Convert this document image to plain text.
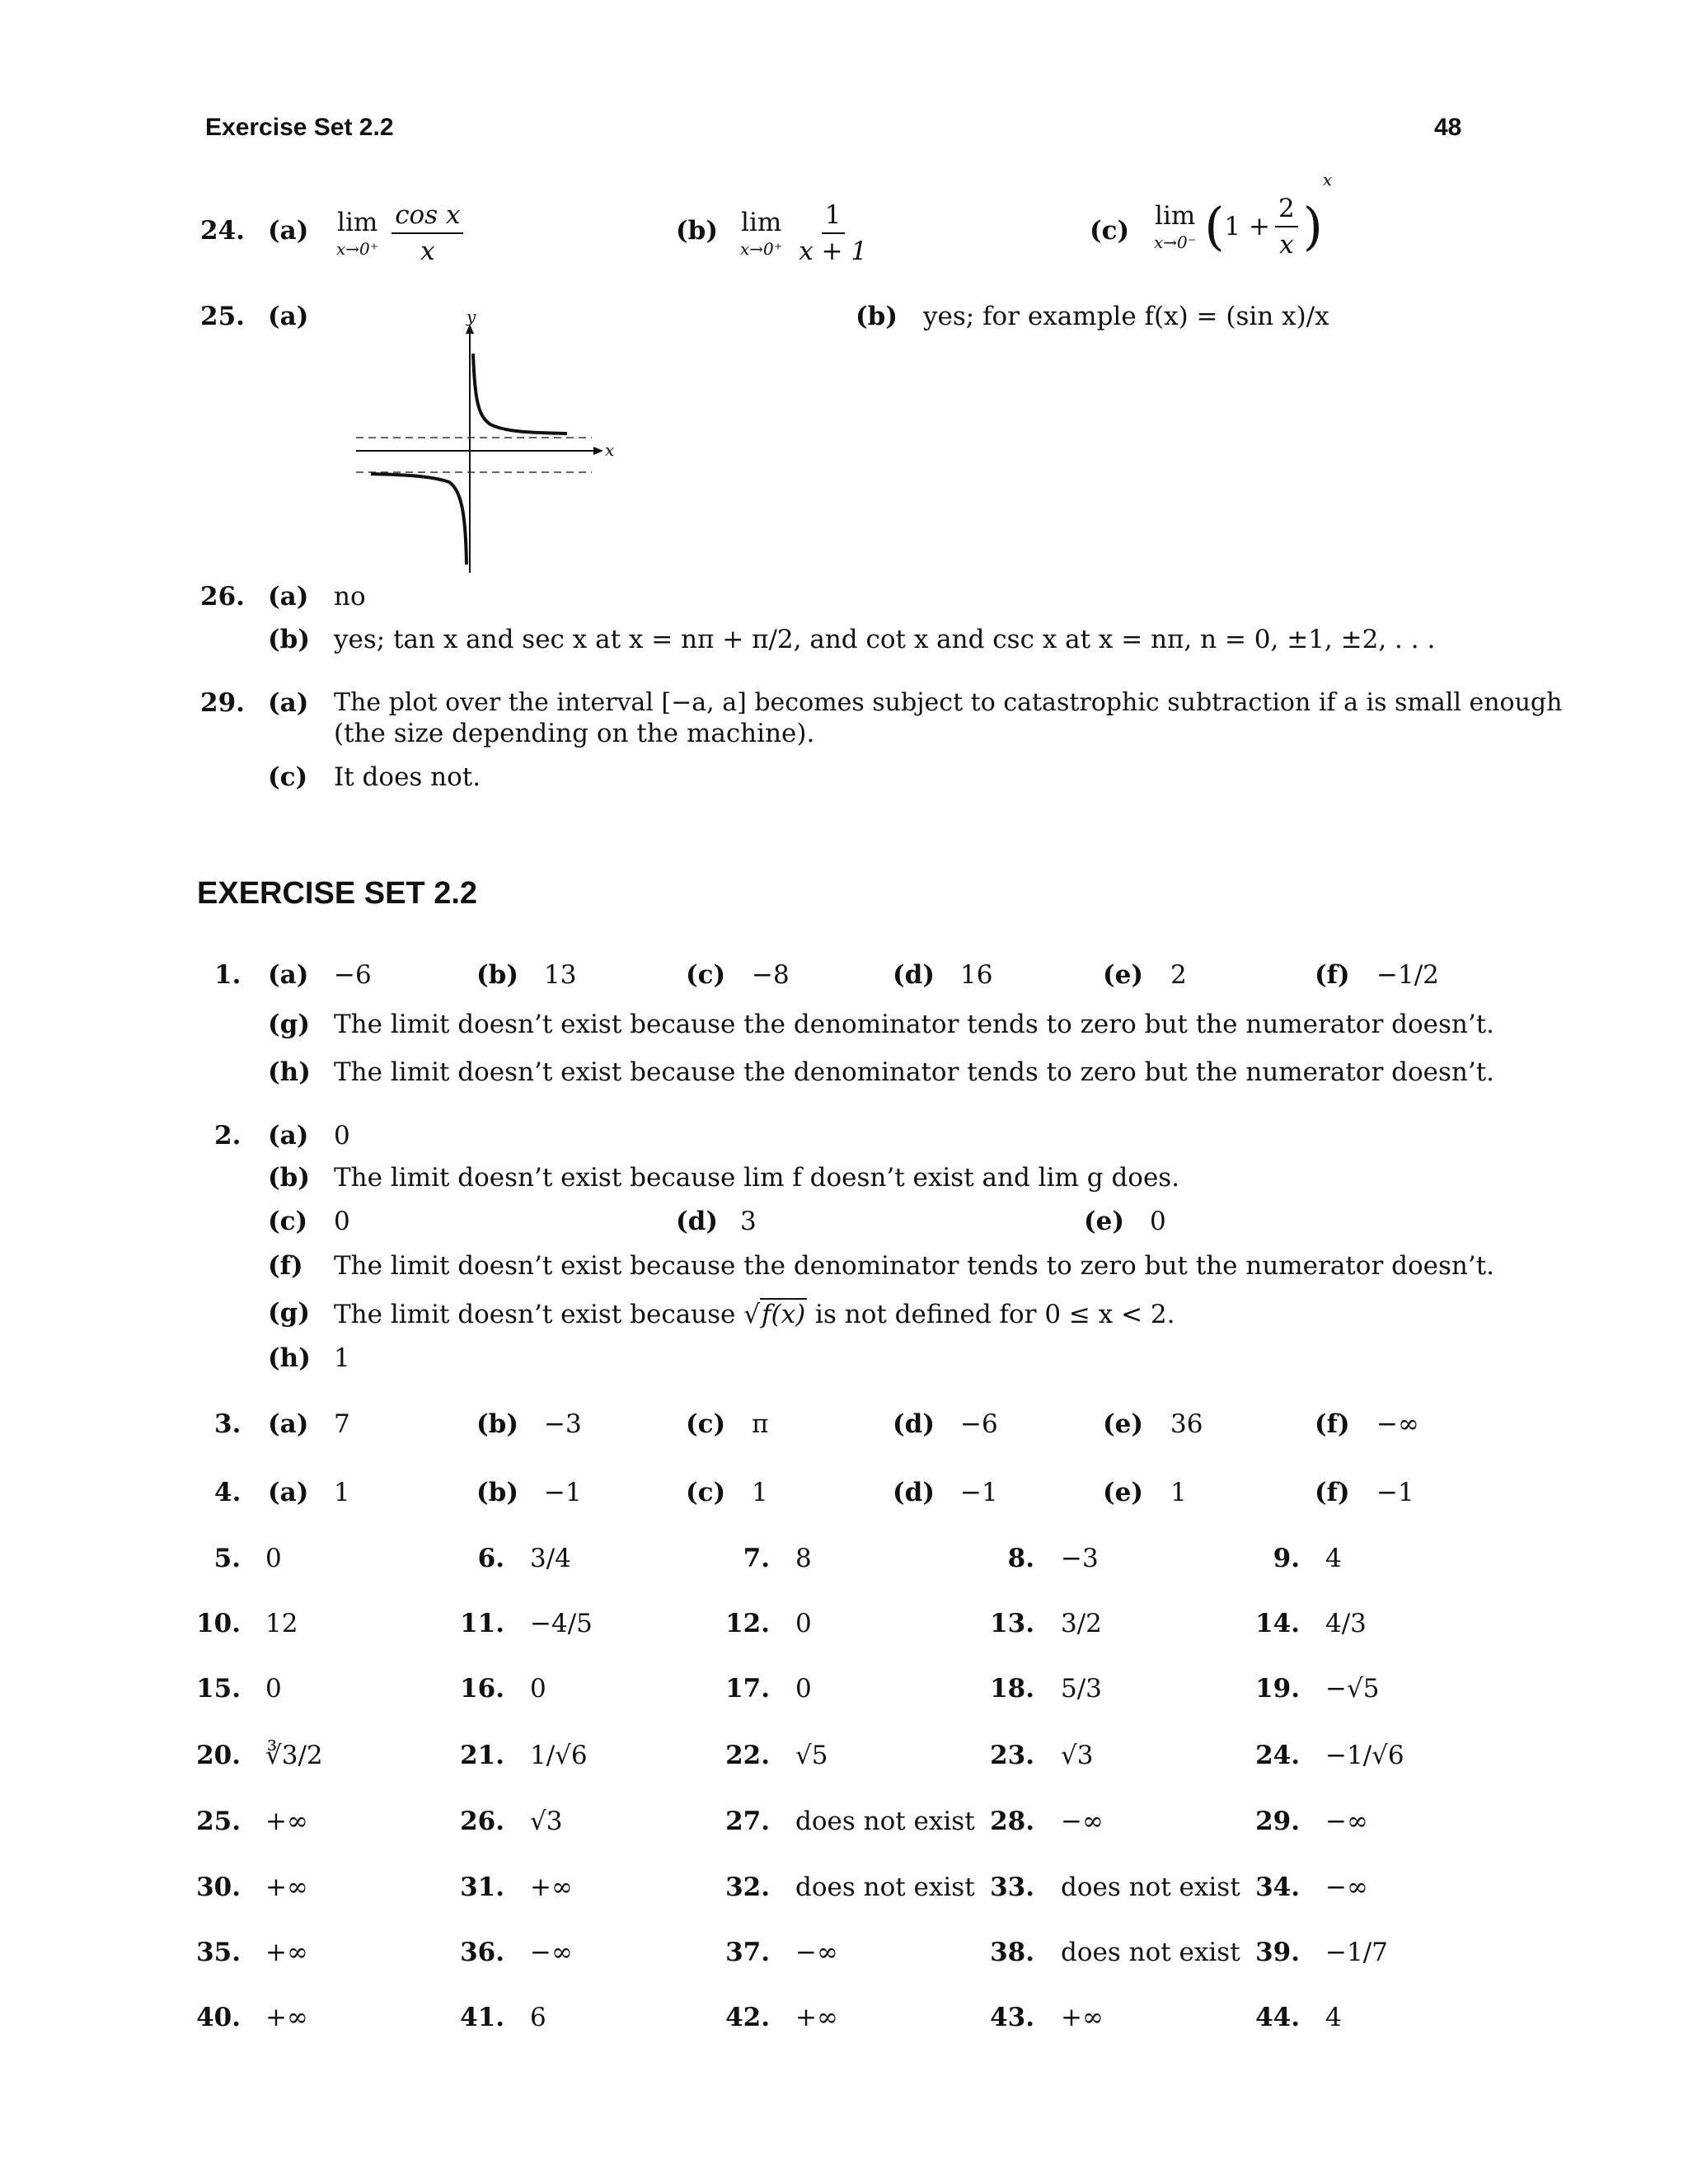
Exercise Set 2.2	48
24. (a) lim
x→0⁺
$\frac{\text{cos x}}{x}$	(b) lim
x→0⁺
$\frac{1}{x + 1}$	(c)
lim
x→0⁻ $(1 + \frac{2}{x} )^x$
25. (a)	(b) yes; for example f(x) = (sin x)/x
y
x
26. (a) no
(b) yes; tan x and sec x at x = nπ + π/2, and cot x and csc x at x = nπ, n = 0, ±1, ±2, . . .
29. (a) The plot over the interval [−a, a] becomes subject to catastrophic subtraction if a is small enough
(the size depending on the machine).
(c) It does not.
EXERCISE SET 2.2
1. (a) −6	(b) 13	(c) −8	(d) 16	(e) 2	(f) −1/2
(g) The limit doesn’t exist because the denominator tends to zero but the numerator doesn’t.
(h) The limit doesn’t exist because the denominator tends to zero but the numerator doesn’t.
2. (a) 0
(b) The limit doesn’t exist because lim f doesn’t exist and lim g does.
(c) 0	(d) 3	(e) 0
(f) The limit doesn’t exist because the denominator tends to zero but the numerator doesn’t.
(g) The limit doesn’t exist because √f(x) is not defined for 0 ≤ x < 2.
(h) 1
3. (a) 7	(b) −3	(c) π	(d) −6	(e) 36	(f) −∞
4. (a) 1	(b) −1	(c) 1	(d) −1	(e) 1	(f) −1
5. 0	6. 3/4	7. 8	8. −3	9. 4
10. 12	11. −4/5	12. 0	13. 3/2	14. 4/3
15. 0	16. 0	17. 0	18. 5/3	19. −√5
20. ∛3/2	21. 1/√6	22. √5	23. √3	24. −1/√6
25. +∞	26. √3	27. does not exist 28. −∞	29. −∞
30. +∞	31. +∞	32. does not exist 33. does not exist 34. −∞
35. +∞	36. −∞	37. −∞	38. does not exist 39. −1/7
40. +∞	41. 6	42. +∞	43. +∞	44. 4
